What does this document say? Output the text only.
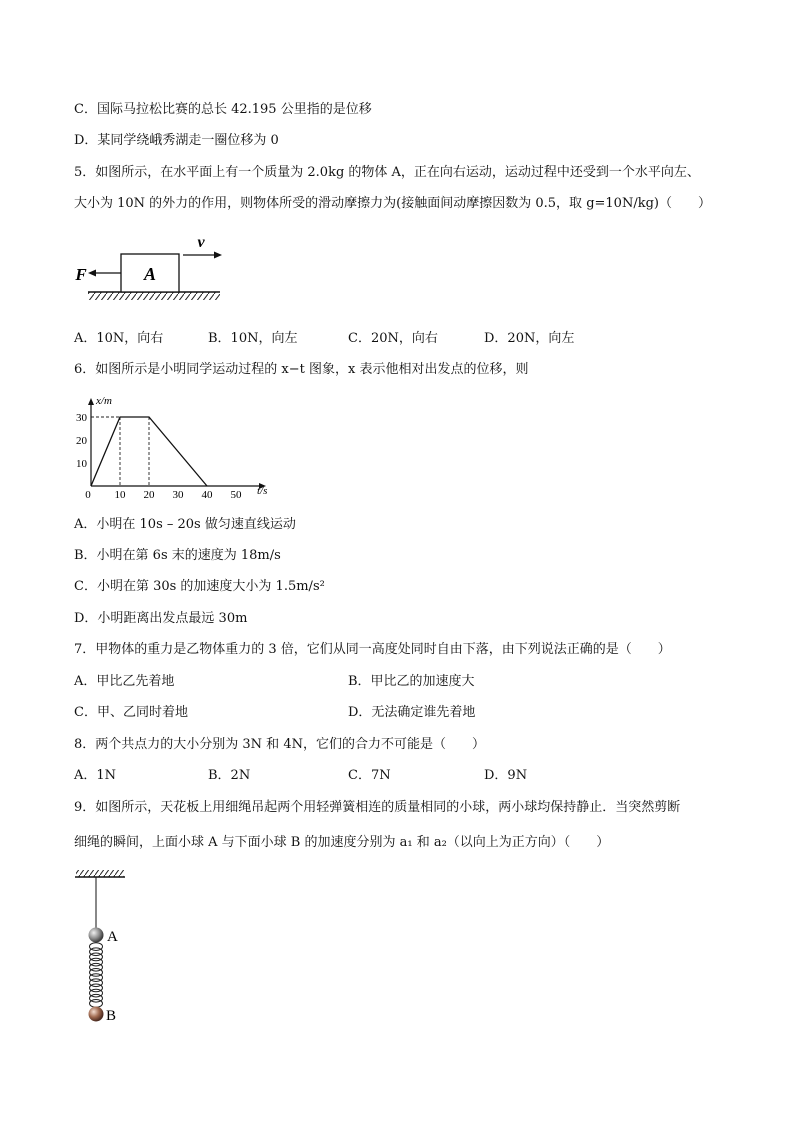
C．国际马拉松比赛的总长 42.195 公里指的是位移
D．某同学绕峨秀湖走一圈位移为 0
5．如图所示，在水平面上有一个质量为 2.0kg 的物体 A，正在向右运动，运动过程中还受到一个水平向左、
大小为 10N 的外力的作用，则物体所受的滑动摩擦力为(接触面间动摩擦因数为 0.5，取 g=10N/kg)（　　）
A
F
v
A．10N，向右	B．10N，向左	C．20N，向右	D．20N，向左
6．如图所示是小明同学运动过程的 x−t 图象，x 表示他相对出发点的位移，则
x/m
t/s
0 10 20 30 40 50
10
20
30
A．小明在 10s – 20s 做匀速直线运动
B．小明在第 6s 末的速度为 18m/s
C．小明在第 30s 的加速度大小为 1.5m/s²
D．小明距离出发点最远 30m
7．甲物体的重力是乙物体重力的 3 倍，它们从同一高度处同时自由下落，由下列说法正确的是（　　）
A．甲比乙先着地	B．甲比乙的加速度大
C．甲、乙同时着地	D．无法确定谁先着地
8．两个共点力的大小分别为 3N 和 4N，它们的合力不可能是（　　）
A．1N	B．2N	C．7N	D．9N
9．如图所示，天花板上用细绳吊起两个用轻弹簧相连的质量相同的小球，两小球均保持静止．当突然剪断
细绳的瞬间，上面小球 A 与下面小球 B 的加速度分别为 a₁ 和 a₂（以向上为正方向）（　　）
A
B
